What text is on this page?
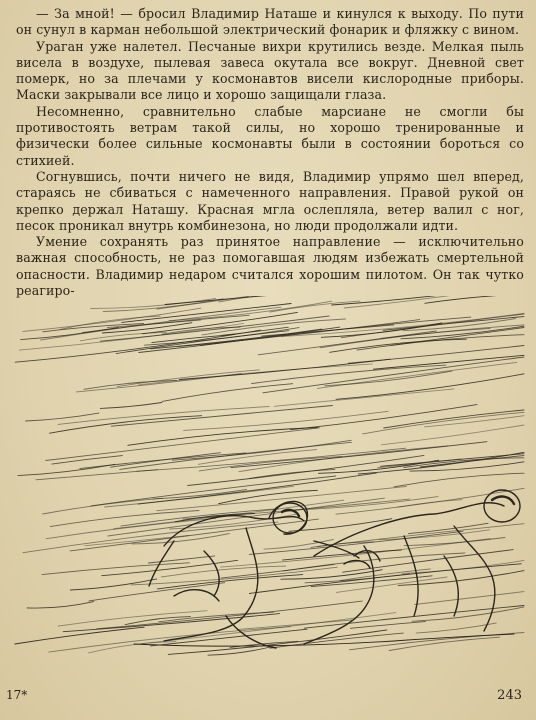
— За мной! — бросил Владимир Наташе и кинулся к выходу. По пути он сунул в карман небольшой электрический фонарик и фляжку с вином.

Ураган уже налетел. Песчаные вихри крутились везде. Мелкая пыль висела в воздухе, пылевая завеса окутала все вокруг. Дневной свет померк, но за плечами у космонавтов висели кислородные приборы. Маски закрывали все лицо и хорошо защищали глаза.

Несомненно, сравнительно слабые марсиане не смогли бы противостоять ветрам такой силы, но хорошо тренированные и физически более сильные космонавты были в состоянии бороться со стихией.

Согнувшись, почти ничего не видя, Владимир упрямо шел вперед, стараясь не сбиваться с намеченного направления. Правой рукой он крепко держал Наташу. Красная мгла ослепляла, ветер валил с ног, песок проникал внутрь комбинезона, но люди продолжали идти.

Умение сохранять раз принятое направление — исключительно важная способность, не раз помогавшая людям избежать смертельной опасности. Владимир недаром считался хорошим пилотом. Он так чутко реагиро-

17*	243
